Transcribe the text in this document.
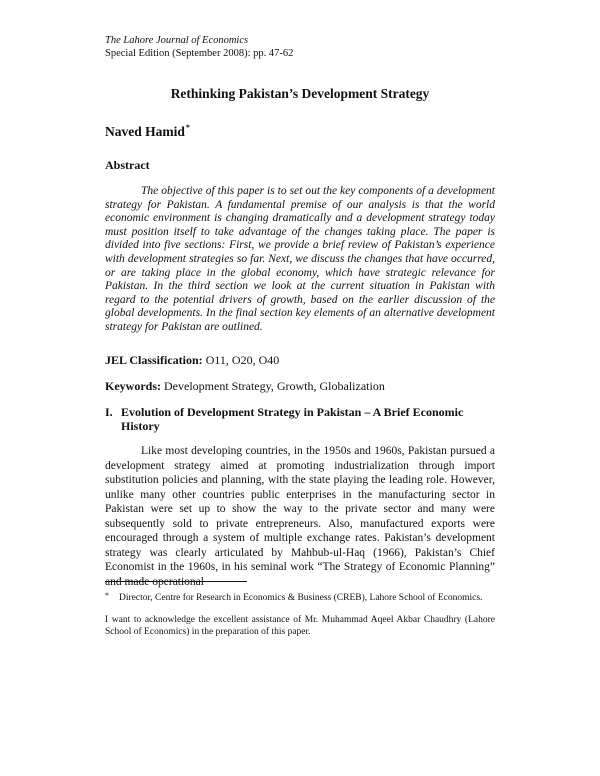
The Lahore Journal of Economics
Special Edition (September 2008): pp. 47-62
Rethinking Pakistan’s Development Strategy
Naved Hamid*
Abstract

The objective of this paper is to set out the key components of a development strategy for Pakistan. A fundamental premise of our analysis is that the world economic environment is changing dramatically and a development strategy today must position itself to take advantage of the changes taking place. The paper is divided into five sections: First, we provide a brief review of Pakistan’s experience with development strategies so far. Next, we discuss the changes that have occurred, or are taking place in the global economy, which have strategic relevance for Pakistan. In the third section we look at the current situation in Pakistan with regard to the potential drivers of growth, based on the earlier discussion of the global developments. In the final section key elements of an alternative development strategy for Pakistan are outlined.

JEL Classification: O11, O20, O40
Keywords: Development Strategy, Growth, Globalization
I. Evolution of Development Strategy in Pakistan – A Brief Economic
History

Like most developing countries, in the 1950s and 1960s, Pakistan pursued a development strategy aimed at promoting industrialization through import substitution policies and planning, with the state playing the leading role. However, unlike many other countries public enterprises in the manufacturing sector in Pakistan were set up to show the way to the private sector and many were subsequently sold to private entrepreneurs. Also, manufactured exports were encouraged through a system of multiple exchange rates. Pakistan’s development strategy was clearly articulated by Mahbub-ul-Haq (1966), Pakistan’s Chief Economist in the 1960s, in his seminal work “The Strategy of Economic Planning” and made operational

* Director, Centre for Research in Economics & Business (CREB), Lahore School of Economics.

I want to acknowledge the excellent assistance of Mr. Muhammad Aqeel Akbar Chaudhry (Lahore School of Economics) in the preparation of this paper.
